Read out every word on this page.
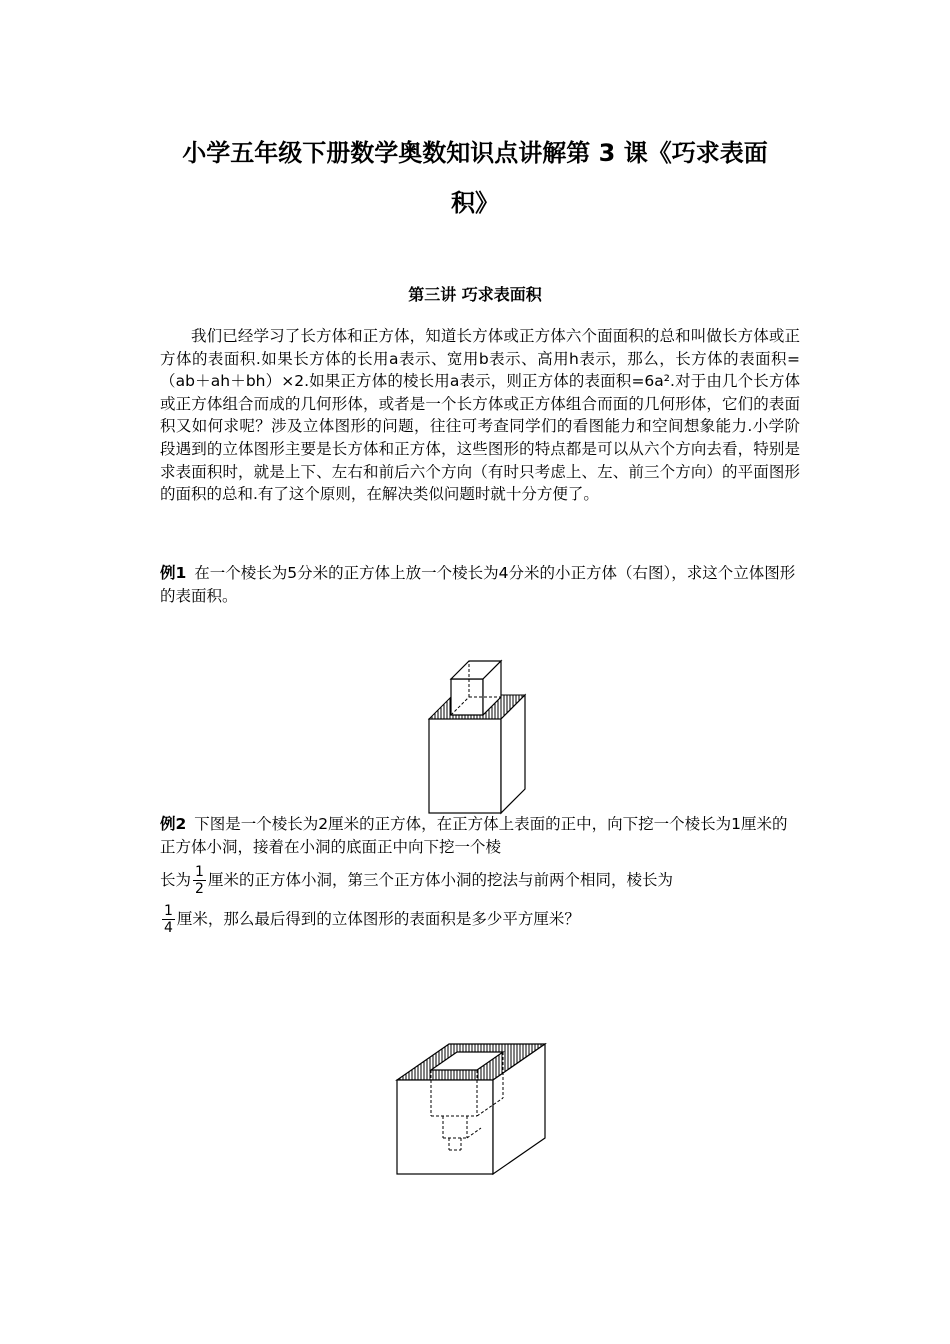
小学五年级下册数学奥数知识点讲解第 3 课《巧求表面
积》
第三讲 巧求表面积

我们已经学习了长方体和正方体，知道长方体或正方体六个面面积的总和叫做长方体或正方体的表面积.如果长方体的长用a表示、宽用b表示、高用h表示，那么，长方体的表面积=（ab＋ah＋bh）×2.如果正方体的棱长用a表示，则正方体的表面积=6a².对于由几个长方体或正方体组合而成的几何形体，或者是一个长方体或正方体组合而面的几何形体，它们的表面积又如何求呢？涉及立体图形的问题，往往可考查同学们的看图能力和空间想象能力.小学阶段遇到的立体图形主要是长方体和正方体，这些图形的特点都是可以从六个方向去看，特别是求表面积时，就是上下、左右和前后六个方向（有时只考虑上、左、前三个方向）的平面图形的面积的总和.有了这个原则，在解决类似问题时就十分方便了。

例1 在一个棱长为5分米的正方体上放一个棱长为4分米的小正方体（右图），求这个立体图形的表面积。
例2 下图是一个棱长为2厘米的正方体，在正方体上表面的正中，向下挖一个棱长为1厘米的正方体小洞，接着在小洞的底面正中向下挖一个棱
长为 $\frac{1}{2}$ 厘米的正方体小洞，第三个正方体小洞的挖法与前两个相同，棱长为
$\frac{1}{4}$ 厘米，那么最后得到的立体图形的表面积是多少平方厘米？
